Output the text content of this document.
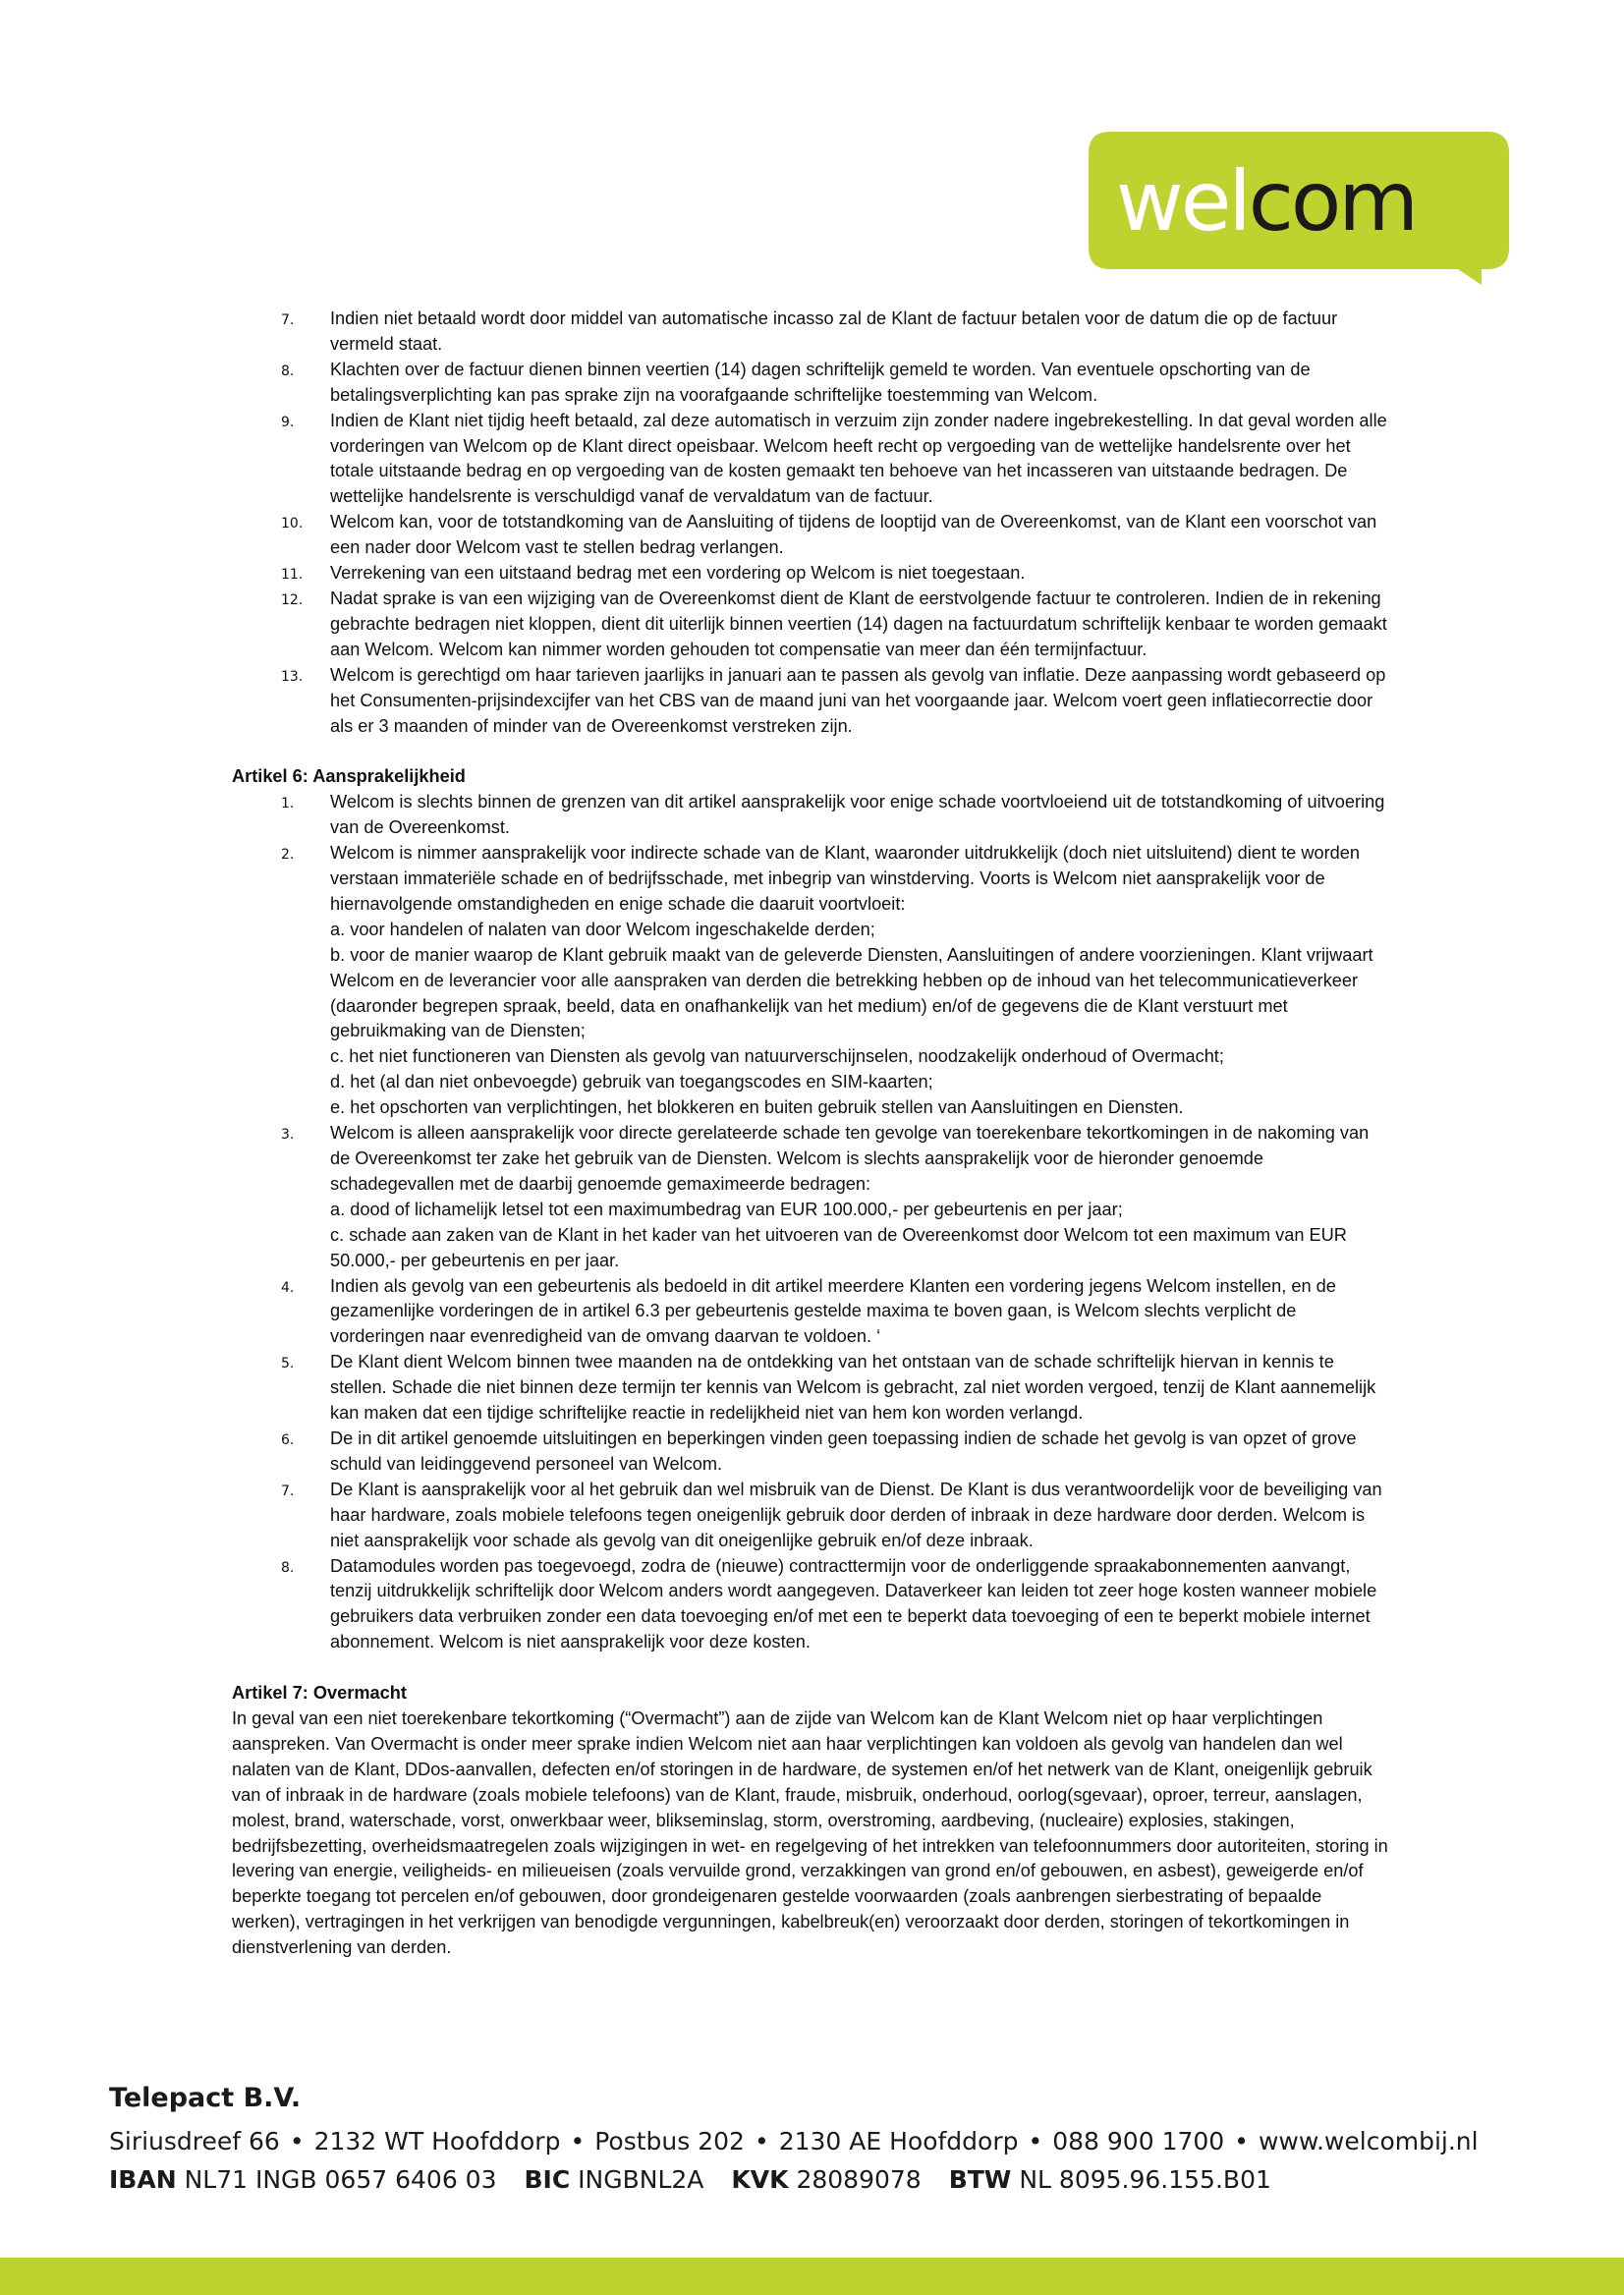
welcom
7. Indien niet betaald wordt door middel van automatische incasso zal de Klant de factuur betalen voor de datum die op de factuur vermeld staat.
8. Klachten over de factuur dienen binnen veertien (14) dagen schriftelijk gemeld te worden. Van eventuele opschorting van de betalingsverplichting kan pas sprake zijn na voorafgaande schriftelijke toestemming van Welcom.
9. Indien de Klant niet tijdig heeft betaald, zal deze automatisch in verzuim zijn zonder nadere ingebrekestelling. In dat geval worden alle vorderingen van Welcom op de Klant direct opeisbaar. Welcom heeft recht op vergoeding van de wettelijke handelsrente over het totale uitstaande bedrag en op vergoeding van de kosten gemaakt ten behoeve van het incasseren van uitstaande bedragen. De wettelijke handelsrente is verschuldigd vanaf de vervaldatum van de factuur.
10. Welcom kan, voor de totstandkoming van de Aansluiting of tijdens de looptijd van de Overeenkomst, van de Klant een voorschot van een nader door Welcom vast te stellen bedrag verlangen.
11. Verrekening van een uitstaand bedrag met een vordering op Welcom is niet toegestaan.
12. Nadat sprake is van een wijziging van de Overeenkomst dient de Klant de eerstvolgende factuur te controleren. Indien de in rekening gebrachte bedragen niet kloppen, dient dit uiterlijk binnen veertien (14) dagen na factuurdatum schriftelijk kenbaar te worden gemaakt aan Welcom. Welcom kan nimmer worden gehouden tot compensatie van meer dan één termijnfactuur.
13. Welcom is gerechtigd om haar tarieven jaarlijks in januari aan te passen als gevolg van inflatie. Deze aanpassing wordt gebaseerd op het Consumenten-prijsindexcijfer van het CBS van de maand juni van het voorgaande jaar. Welcom voert geen inflatiecorrectie door als er 3 maanden of minder van de Overeenkomst verstreken zijn.
Artikel 6: Aansprakelijkheid
1. Welcom is slechts binnen de grenzen van dit artikel aansprakelijk voor enige schade voortvloeiend uit de totstandkoming of uitvoering van de Overeenkomst.
2. Welcom is nimmer aansprakelijk voor indirecte schade van de Klant, waaronder uitdrukkelijk (doch niet uitsluitend) dient te worden verstaan immateriële schade en of bedrijfsschade, met inbegrip van winstderving. Voorts is Welcom niet aansprakelijk voor de hiernavolgende omstandigheden en enige schade die daaruit voortvloeit:
a. voor handelen of nalaten van door Welcom ingeschakelde derden;
b. voor de manier waarop de Klant gebruik maakt van de geleverde Diensten, Aansluitingen of andere voorzieningen. Klant vrijwaart Welcom en de leverancier voor alle aanspraken van derden die betrekking hebben op de inhoud van het telecommunicatieverkeer (daaronder begrepen spraak, beeld, data en onafhankelijk van het medium) en/of de gegevens die de Klant verstuurt met gebruikmaking van de Diensten;
c. het niet functioneren van Diensten als gevolg van natuurverschijnselen, noodzakelijk onderhoud of Overmacht;
d. het (al dan niet onbevoegde) gebruik van toegangscodes en SIM-kaarten;
e. het opschorten van verplichtingen, het blokkeren en buiten gebruik stellen van Aansluitingen en Diensten.
3. Welcom is alleen aansprakelijk voor directe gerelateerde schade ten gevolge van toerekenbare tekortkomingen in de nakoming van de Overeenkomst ter zake het gebruik van de Diensten. Welcom is slechts aansprakelijk voor de hieronder genoemde schadegevallen met de daarbij genoemde gemaximeerde bedragen:
a. dood of lichamelijk letsel tot een maximumbedrag van EUR 100.000,- per gebeurtenis en per jaar;
c. schade aan zaken van de Klant in het kader van het uitvoeren van de Overeenkomst door Welcom tot een maximum van EUR 50.000,- per gebeurtenis en per jaar.
4. Indien als gevolg van een gebeurtenis als bedoeld in dit artikel meerdere Klanten een vordering jegens Welcom instellen, en de gezamenlijke vorderingen de in artikel 6.3 per gebeurtenis gestelde maxima te boven gaan, is Welcom slechts verplicht de vorderingen naar evenredigheid van de omvang daarvan te voldoen. ‘
5. De Klant dient Welcom binnen twee maanden na de ontdekking van het ontstaan van de schade schriftelijk hiervan in kennis te stellen. Schade die niet binnen deze termijn ter kennis van Welcom is gebracht, zal niet worden vergoed, tenzij de Klant aannemelijk kan maken dat een tijdige schriftelijke reactie in redelijkheid niet van hem kon worden verlangd.
6. De in dit artikel genoemde uitsluitingen en beperkingen vinden geen toepassing indien de schade het gevolg is van opzet of grove schuld van leidinggevend personeel van Welcom.
7. De Klant is aansprakelijk voor al het gebruik dan wel misbruik van de Dienst. De Klant is dus verantwoordelijk voor de beveiliging van haar hardware, zoals mobiele telefoons tegen oneigenlijk gebruik door derden of inbraak in deze hardware door derden. Welcom is niet aansprakelijk voor schade als gevolg van dit oneigenlijke gebruik en/of deze inbraak.
8. Datamodules worden pas toegevoegd, zodra de (nieuwe) contracttermijn voor de onderliggende spraakabonnementen aanvangt, tenzij uitdrukkelijk schriftelijk door Welcom anders wordt aangegeven. Dataverkeer kan leiden tot zeer hoge kosten wanneer mobiele gebruikers data verbruiken zonder een data toevoeging en/of met een te beperkt data toevoeging of een te beperkt mobiele internet abonnement. Welcom is niet aansprakelijk voor deze kosten.
Artikel 7: Overmacht

In geval van een niet toerekenbare tekortkoming (“Overmacht”) aan de zijde van Welcom kan de Klant Welcom niet op haar verplichtingen aanspreken. Van Overmacht is onder meer sprake indien Welcom niet aan haar verplichtingen kan voldoen als gevolg van handelen dan wel nalaten van de Klant, DDos-aanvallen, defecten en/of storingen in de hardware, de systemen en/of het netwerk van de Klant, oneigenlijk gebruik van of inbraak in de hardware (zoals mobiele telefoons) van de Klant, fraude, misbruik, onderhoud, oorlog(sgevaar), oproer, terreur, aanslagen, molest, brand, waterschade, vorst, onwerkbaar weer, blikseminslag, storm, overstroming, aardbeving, (nucleaire) explosies, stakingen, bedrijfsbezetting, overheidsmaatregelen zoals wijzigingen in wet- en regelgeving of het intrekken van telefoonnummers door autoriteiten, storing in levering van energie, veiligheids- en milieueisen (zoals vervuilde grond, verzakkingen van grond en/of gebouwen, en asbest), geweigerde en/of beperkte toegang tot percelen en/of gebouwen, door grondeigenaren gestelde voorwaarden (zoals aanbrengen sierbestrating of bepaalde werken), vertragingen in het verkrijgen van benodigde vergunningen, kabelbreuk(en) veroorzaakt door derden, storingen of tekortkomingen in dienstverlening van derden.

Telepact B.V.
Siriusdreef 66 • 2132 WT Hoofddorp • Postbus 202 • 2130 AE Hoofddorp • 088 900 1700 • www.welcombij.nl
IBAN NL71 INGB 0657 6406 03 BIC INGBNL2A KVK 28089078 BTW NL 8095.96.155.B01
